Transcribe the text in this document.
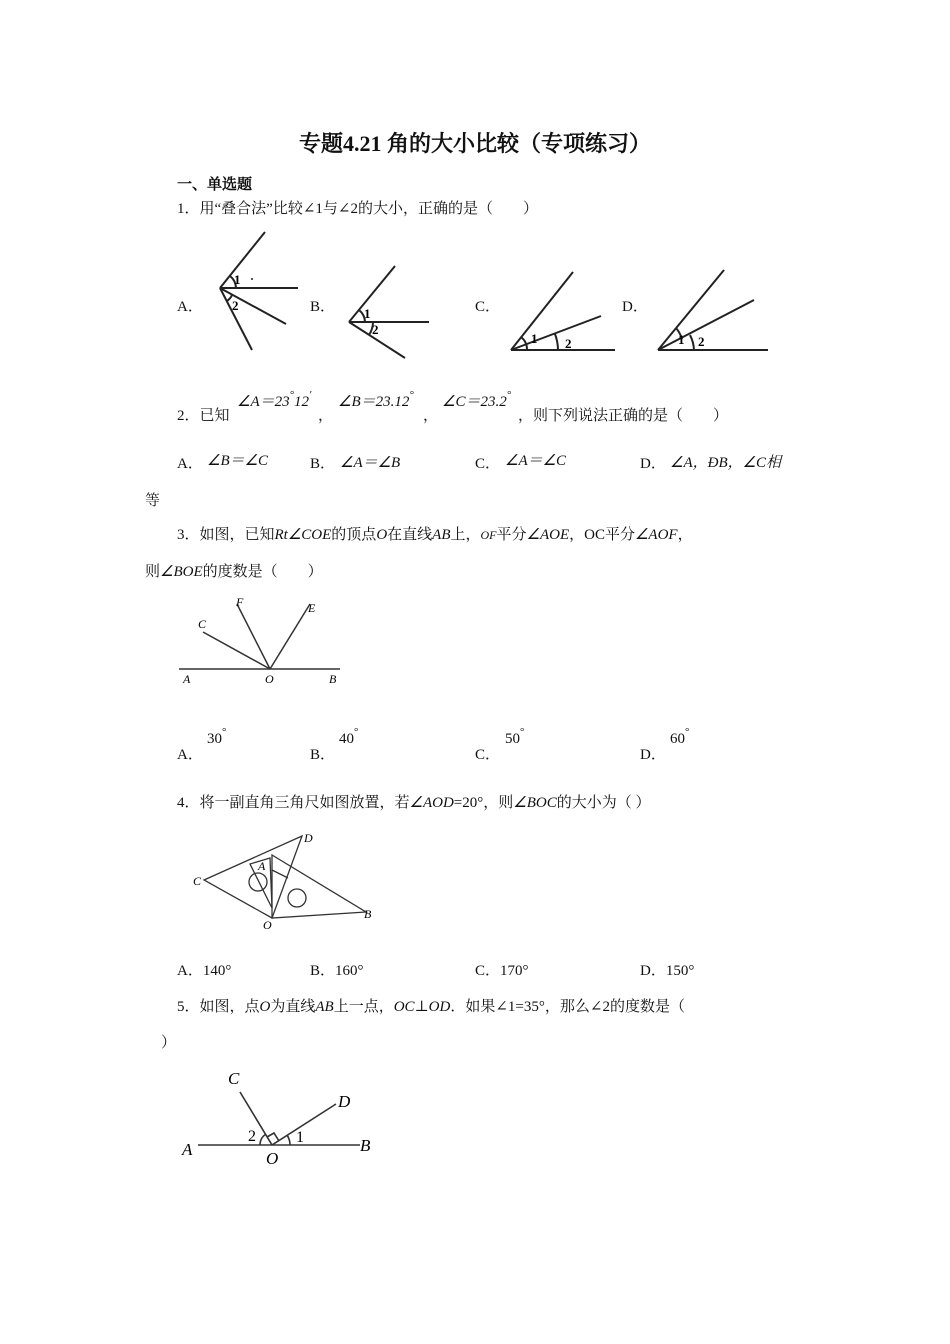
专题4.21 角的大小比较（专项练习）
一、单选题
1．用“叠合法”比较∠1与∠2的大小，正确的是（　　）
A．	B．	C．	D．
1
2
1
2
1 2	1 2
2．已知
∠A＝23°12′
，
∠B＝23.12°
，
∠C＝23.2°
，则下列说法正确的是（　　）
A． ∠B＝∠C	B． ∠A＝∠B	C． ∠A＝∠C	D． ∠A，ÐB，∠C相
等
3．如图，已知Rt∠COE的顶点O在直线AB上，OF平分∠AOE，OC平分∠AOF，
则∠BOE的度数是（　　）
A	O	B
C
F	E
A．
30°
B．
40°
C．
50°
D．
60°
4．将一副直角三角尺如图放置，若∠AOD=20°，则∠BOC的大小为（ ）
C
A
D
B
O
A．140°	B．160°	C．170°	D．150°
5．如图，点O为直线AB上一点，OC⊥OD．如果∠1=35°，那么∠2的度数是（
）
C
D
A	O
B
2	1
